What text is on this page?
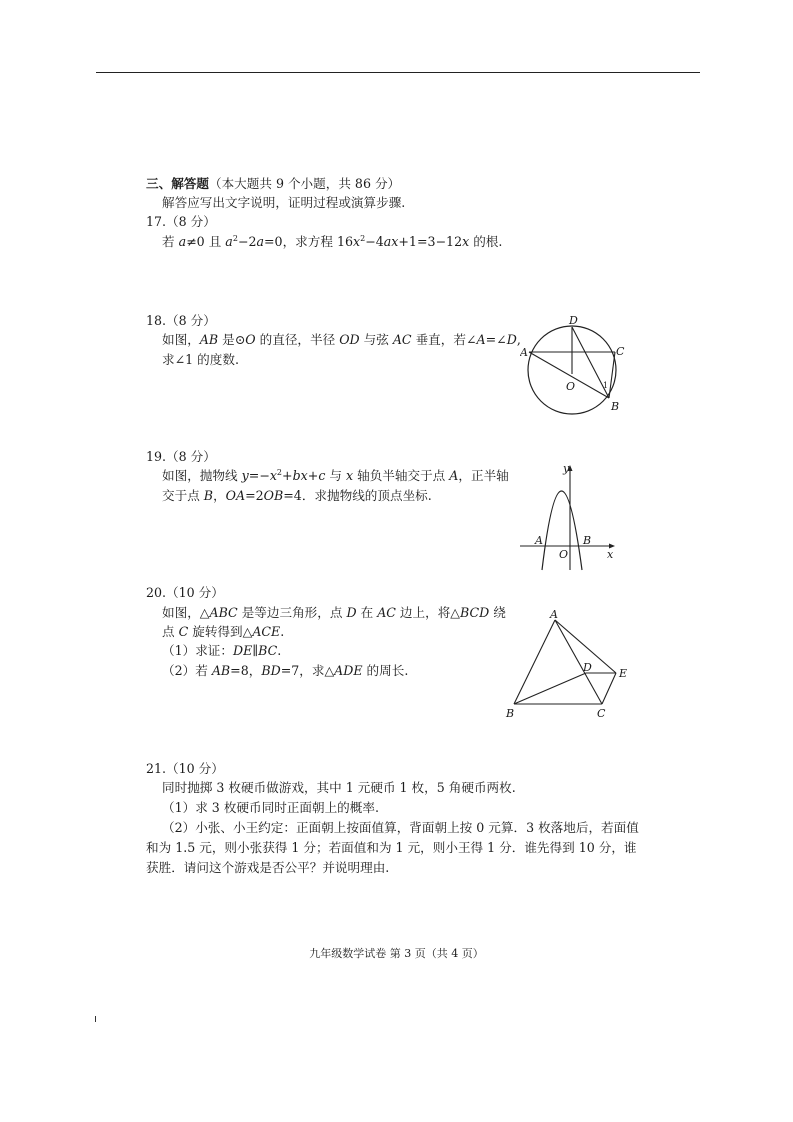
三、解答题（本大题共 9 个小题，共 86 分）
解答应写出文字说明，证明过程或演算步骤.
17.（8 分）
若 a≠0 且 $a^2-2a=0$，求方程 $16x^2-4ax+1=3-12x$ 的根.
18.（8 分）
如图，AB 是⊙O 的直径，半径 OD 与弦 AC 垂直，若∠A=∠D,
求∠1 的度数.
D
A	C
O
B
1
19.（8 分）
如图，抛物线 $y=-x^2+bx+c$ 与 x 轴负半轴交于点 A，正半轴
交于点 B，OA=2OB=4．求抛物线的顶点坐标.
y
A
O
B
x
20.（10 分）
如图，△ABC 是等边三角形，点 D 在 AC 边上，将△BCD 绕
点 C 旋转得到△ACE.
（1）求证：DE∥BC.
（2）若 AB=8，BD=7，求△ADE 的周长.
A
D E
B	C
21.（10 分）
同时抛掷 3 枚硬币做游戏，其中 1 元硬币 1 枚，5 角硬币两枚.
（1）求 3 枚硬币同时正面朝上的概率.
（2）小张、小王约定：正面朝上按面值算，背面朝上按 0 元算．3 枚落地后，若面值
和为 1.5 元，则小张获得 1 分；若面值和为 1 元，则小王得 1 分．谁先得到 10 分，谁
获胜．请问这个游戏是否公平？并说明理由.
九年级数学试卷 第 3 页（共 4 页）
